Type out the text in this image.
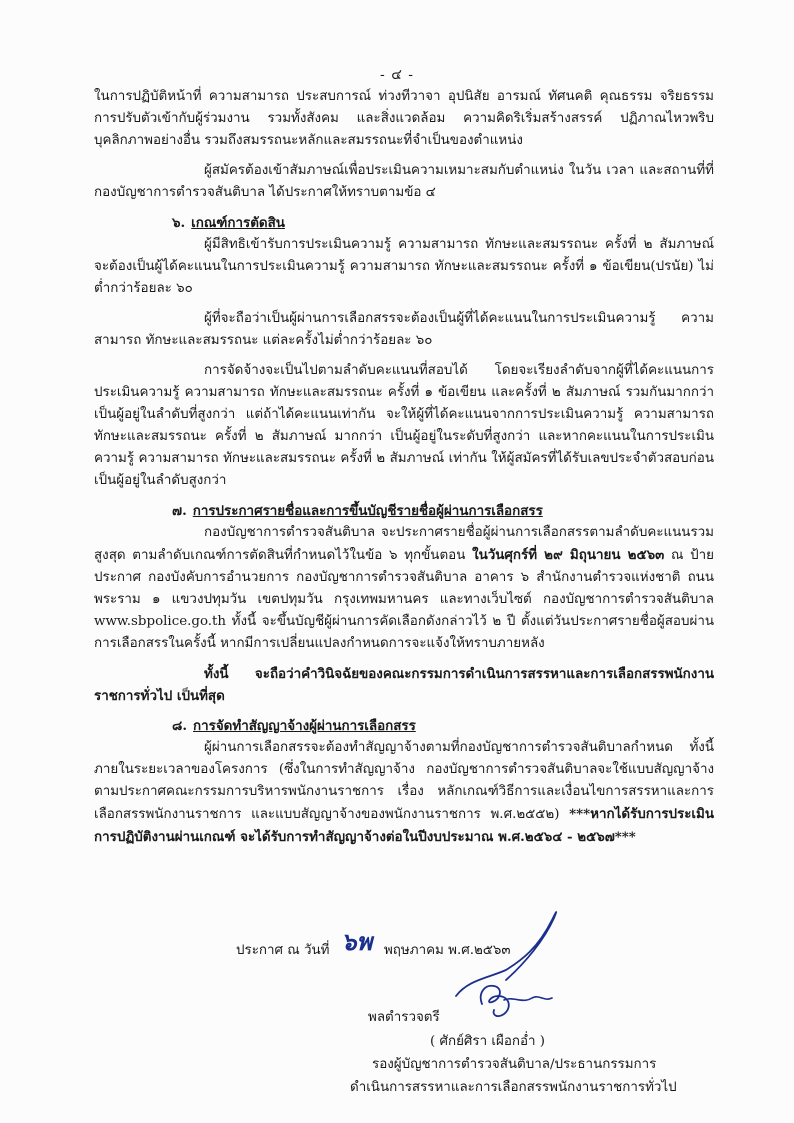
- ๔ -

ในการปฏิบัติหน้าที่ ความสามารถ ประสบการณ์ ท่วงทีวาจา อุปนิสัย อารมณ์ ทัศนคติ คุณธรรม จริยธรรม การปรับตัวเข้ากับผู้ร่วมงาน รวมทั้งสังคม และสิ่งแวดล้อม ความคิดริเริ่มสร้างสรรค์ ปฏิภาณไหวพริบ บุคลิกภาพอย่างอื่น รวมถึงสมรรถนะหลักและสมรรถนะที่จำเป็นของตำแหน่ง

ผู้สมัครต้องเข้าสัมภาษณ์เพื่อประเมินความเหมาะสมกับตำแหน่ง ในวัน เวลา และสถานที่ที่กองบัญชาการตำรวจสันติบาล ได้ประกาศให้ทราบตามข้อ ๔

๖. เกณฑ์การตัดสิน

ผู้มีสิทธิเข้ารับการประเมินความรู้ ความสามารถ ทักษะและสมรรถนะ ครั้งที่ ๒ สัมภาษณ์ จะต้องเป็นผู้ได้คะแนนในการประเมินความรู้ ความสามารถ ทักษะและสมรรถนะ ครั้งที่ ๑ ข้อเขียน(ปรนัย) ไม่ต่ำกว่าร้อยละ ๖๐

ผู้ที่จะถือว่าเป็นผู้ผ่านการเลือกสรรจะต้องเป็นผู้ที่ได้คะแนนในการประเมินความรู้ ความสามารถ ทักษะและสมรรถนะ แต่ละครั้งไม่ต่ำกว่าร้อยละ ๖๐

การจัดจ้างจะเป็นไปตามลำดับคะแนนที่สอบได้ โดยจะเรียงลำดับจากผู้ที่ได้คะแนนการประเมินความรู้ ความสามารถ ทักษะและสมรรถนะ ครั้งที่ ๑ ข้อเขียน และครั้งที่ ๒ สัมภาษณ์ รวมกันมากกว่าเป็นผู้อยู่ในลำดับที่สูงกว่า แต่ถ้าได้คะแนนเท่ากัน จะให้ผู้ที่ได้คะแนนจากการประเมินความรู้ ความสามารถ ทักษะและสมรรถนะ ครั้งที่ ๒ สัมภาษณ์ มากกว่า เป็นผู้อยู่ในระดับที่สูงกว่า และหากคะแนนในการประเมิน ความรู้ ความสามารถ ทักษะและสมรรถนะ ครั้งที่ ๒ สัมภาษณ์ เท่ากัน ให้ผู้สมัครที่ได้รับเลขประจำตัวสอบก่อน เป็นผู้อยู่ในลำดับสูงกว่า

๗. การประกาศรายชื่อและการขึ้นบัญชีรายชื่อผู้ผ่านการเลือกสรร

กองบัญชาการตำรวจสันติบาล จะประกาศรายชื่อผู้ผ่านการเลือกสรรตามลำดับคะแนนรวมสูงสุด ตามลำดับเกณฑ์การตัดสินที่กำหนดไว้ในข้อ ๖ ทุกขั้นตอน ในวันศุกร์ที่ ๒๙ มิถุนายน ๒๕๖๓ ณ ป้ายประกาศ กองบังคับการอำนวยการ กองบัญชาการตำรวจสันติบาล อาคาร ๖ สำนักงานตำรวจแห่งชาติ ถนนพระราม ๑ แขวงปทุมวัน เขตปทุมวัน กรุงเทพมหานคร และทางเว็บไซต์ กองบัญชาการตำรวจสันติบาล www.sbpolice.go.th ทั้งนี้ จะขึ้นบัญชีผู้ผ่านการคัดเลือกดังกล่าวไว้ ๒ ปี ตั้งแต่วันประกาศรายชื่อผู้สอบผ่านการเลือกสรรในครั้งนี้ หากมีการเปลี่ยนแปลงกำหนดการจะแจ้งให้ทราบภายหลัง

ทั้งนี้ จะถือว่าคำวินิจฉัยของคณะกรรมการดำเนินการสรรหาและการเลือกสรรพนักงานราชการทั่วไป เป็นที่สุด

๘. การจัดทำสัญญาจ้างผู้ผ่านการเลือกสรร

ผู้ผ่านการเลือกสรรจะต้องทำสัญญาจ้างตามที่กองบัญชาการตำรวจสันติบาลกำหนด ทั้งนี้ ภายในระยะเวลาของโครงการ (ซึ่งในการทำสัญญาจ้าง กองบัญชาการตำรวจสันติบาลจะใช้แบบสัญญาจ้าง ตามประกาศคณะกรรมการบริหารพนักงานราชการ เรื่อง หลักเกณฑ์วิธีการและเงื่อนไขการสรรหาและการเลือกสรรพนักงานราชการ และแบบสัญญาจ้างของพนักงานราชการ พ.ศ.๒๕๕๒) ***หากได้รับการประเมินการปฏิบัติงานผ่านเกณฑ์ จะได้รับการทำสัญญาจ้างต่อในปีงบประมาณ พ.ศ.๒๕๖๔ - ๒๕๖๗***

ประกาศ ณ วันที่ ๖พ พฤษภาคม พ.ศ.๒๕๖๓
พลตำรวจตรี
( ศักย์ศิรา เผือกอ่ำ )
รองผู้บัญชาการตำรวจสันติบาล/ประธานกรรมการ
ดำเนินการสรรหาและการเลือกสรรพนักงานราชการทั่วไป
